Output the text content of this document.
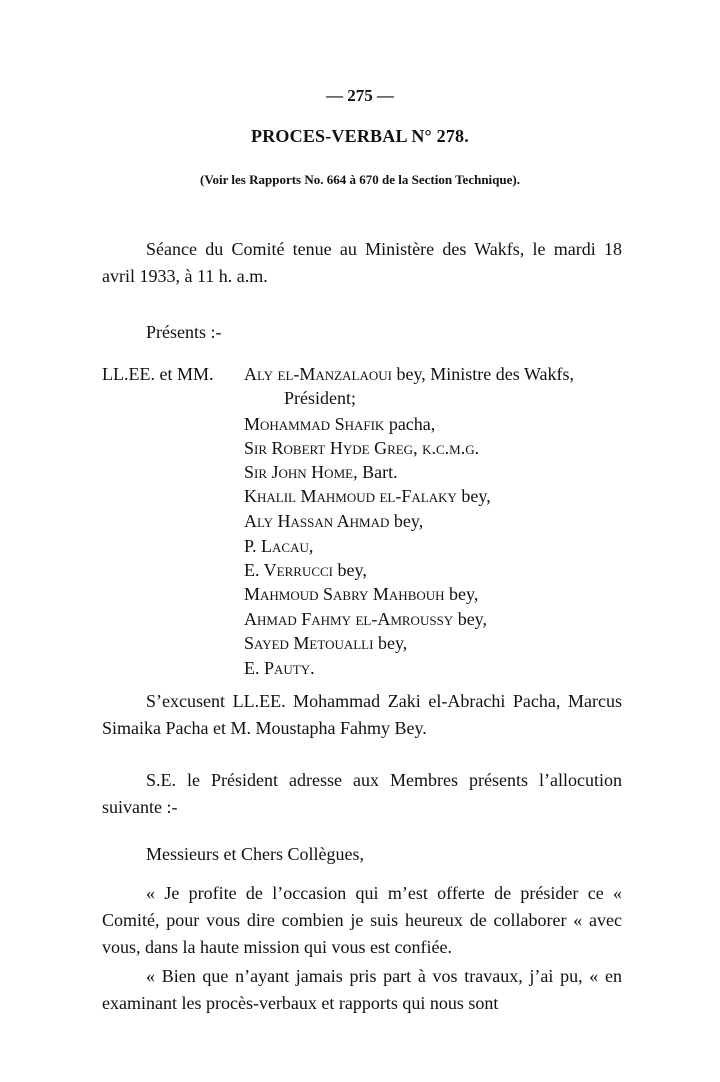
— 275 —
PROCES-VERBAL N° 278.
(Voir les Rapports No. 664 à 670 de la Section Technique).
Séance du Comité tenue au Ministère des Wakfs, le mardi 18 avril 1933, à 11 h. a.m.
Présents :-
LL.EE. et MM. Aly el-Manzalaoui bey, Ministre des Wakfs,
Président;
Mohammad Shafik pacha,
Sir Robert Hyde Greg, k.c.m.g.
Sir John Home, Bart.
Khalil Mahmoud el-Falaky bey,
Aly Hassan Ahmad bey,
P. Lacau,
E. Verrucci bey,
Mahmoud Sabry Mahbouh bey,
Ahmad Fahmy el-Amroussy bey,
Sayed Metoualli bey,
E. Pauty.
S’excusent LL.EE. Mohammad Zaki el-Abrachi Pacha, Marcus Simaika Pacha et M. Moustapha Fahmy Bey.
S.E. le Président adresse aux Membres présents l’allocution suivante :-
Messieurs et Chers Collègues,
« Je profite de l’occasion qui m’est offerte de présider ce « Comité, pour vous dire combien je suis heureux de collaborer « avec vous, dans la haute mission qui vous est confiée.
« Bien que n’ayant jamais pris part à vos travaux, j’ai pu, « en examinant les procès-verbaux et rapports qui nous sont
